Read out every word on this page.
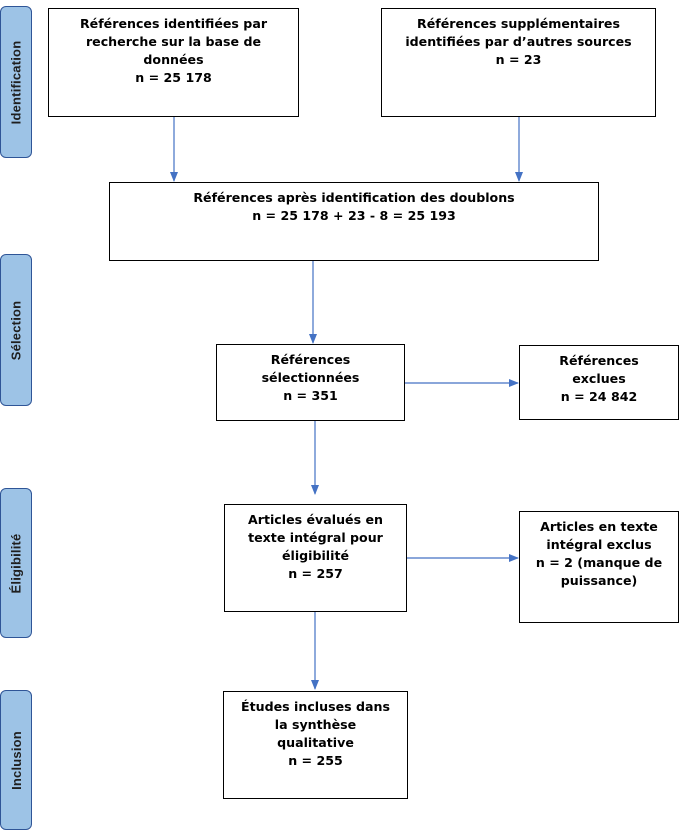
Identification
Sélection
Éligibilité
Inclusion
Références identifiées par
recherche sur la base de
données
n = 25 178
Références supplémentaires
identifiées par d’autres sources
n = 23
Références après identification des doublons
n = 25 178 + 23 - 8 = 25 193
Références
sélectionnées
n = 351
Références
exclues
n = 24 842
Articles évalués en
texte intégral pour
éligibilité
n = 257
Articles en texte
intégral exclus
n = 2 (manque de
puissance)
Études incluses dans
la synthèse
qualitative
n = 255
